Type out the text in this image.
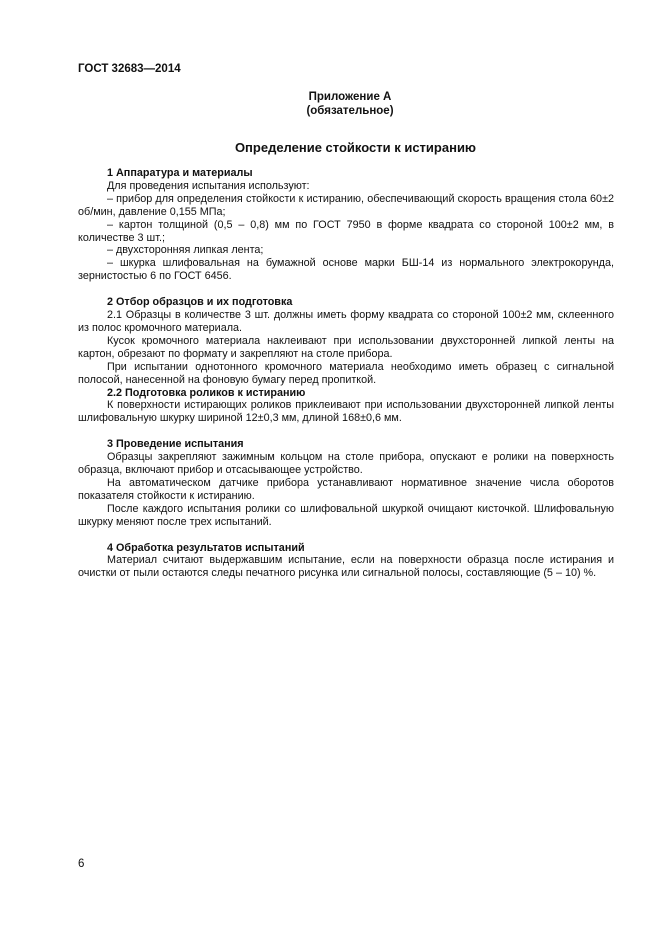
ГОСТ 32683—2014
Приложение А
(обязательное)
Определение стойкости к истиранию

1 Аппаратура и материалы

Для проведения испытания используют:

– прибор для определения стойкости к истиранию, обеспечивающий скорость вращения стола 60±2 об/мин, давление 0,155 МПа;

– картон толщиной (0,5 – 0,8) мм по ГОСТ 7950 в форме квадрата со стороной 100±2 мм, в количестве 3 шт.;

– двухсторонняя липкая лента;

– шкурка шлифовальная на бумажной основе марки БШ-14 из нормального электрокорунда, зернистостью 6 по ГОСТ 6456.

2 Отбор образцов и их подготовка

2.1 Образцы в количестве 3 шт. должны иметь форму квадрата со стороной 100±2 мм, склеенного из полос кромочного материала.

Кусок кромочного материала наклеивают при использовании двухсторонней липкой ленты на картон, обрезают по формату и закрепляют на столе прибора.

При испытании однотонного кромочного материала необходимо иметь образец с сигнальной полосой, нанесенной на фоновую бумагу перед пропиткой.

2.2 Подготовка роликов к истиранию

К поверхности истирающих роликов приклеивают при использовании двухсторонней липкой ленты шлифовальную шкурку шириной 12±0,3 мм, длиной 168±0,6 мм.

3 Проведение испытания

Образцы закрепляют зажимным кольцом на столе прибора, опускают е ролики на поверхность образца, включают прибор и отсасывающее устройство.

На автоматическом датчике прибора устанавливают нормативное значение числа оборотов показателя стойкости к истиранию.

После каждого испытания ролики со шлифовальной шкуркой очищают кисточкой. Шлифовальную шкурку меняют после трех испытаний.

4 Обработка результатов испытаний

Материал считают выдержавшим испытание, если на поверхности образца после истирания и очистки от пыли остаются следы печатного рисунка или сигнальной полосы, составляющие (5 – 10) %.

6
